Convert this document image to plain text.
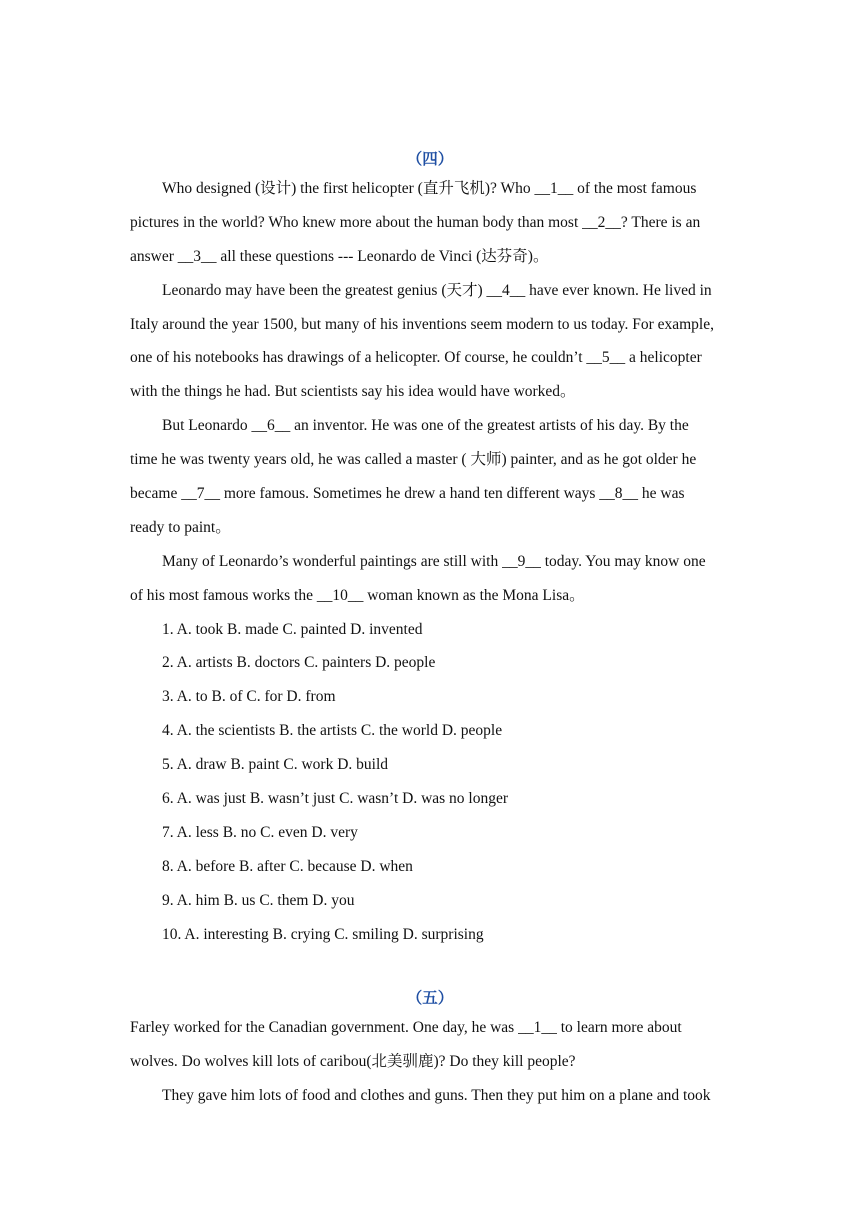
（四）
Who designed (设计) the first helicopter (直升飞机)? Who __1__ of the most famous
pictures in the world? Who knew more about the human body than most __2__? There is an
answer __3__ all these questions --- Leonardo de Vinci (达芬奇)。
Leonardo may have been the greatest genius (天才) __4__ have ever known. He lived in
Italy around the year 1500, but many of his inventions seem modern to us today. For example,
one of his notebooks has drawings of a helicopter. Of course, he couldn’t __5__ a helicopter
with the things he had. But scientists say his idea would have worked。
But Leonardo __6__ an inventor. He was one of the greatest artists of his day. By the
time he was twenty years old, he was called a master ( 大师) painter, and as he got older he
became __7__ more famous. Sometimes he drew a hand ten different ways __8__ he was
ready to paint。
Many of Leonardo’s wonderful paintings are still with __9__ today. You may know one
of his most famous works the __10__ woman known as the Mona Lisa。
1. A. took B. made C. painted D. invented
2. A. artists B. doctors C. painters D. people
3. A. to B. of C. for D. from
4. A. the scientists B. the artists C. the world D. people
5. A. draw B. paint C. work D. build
6. A. was just B. wasn’t just C. wasn’t D. was no longer
7. A. less B. no C. even D. very
8. A. before B. after C. because D. when
9. A. him B. us C. them D. you
10. A. interesting B. crying C. smiling D. surprising
（五）
Farley worked for the Canadian government. One day, he was __1__ to learn more about
wolves. Do wolves kill lots of caribou(北美驯鹿)? Do they kill people?
They gave him lots of food and clothes and guns. Then they put him on a plane and took
